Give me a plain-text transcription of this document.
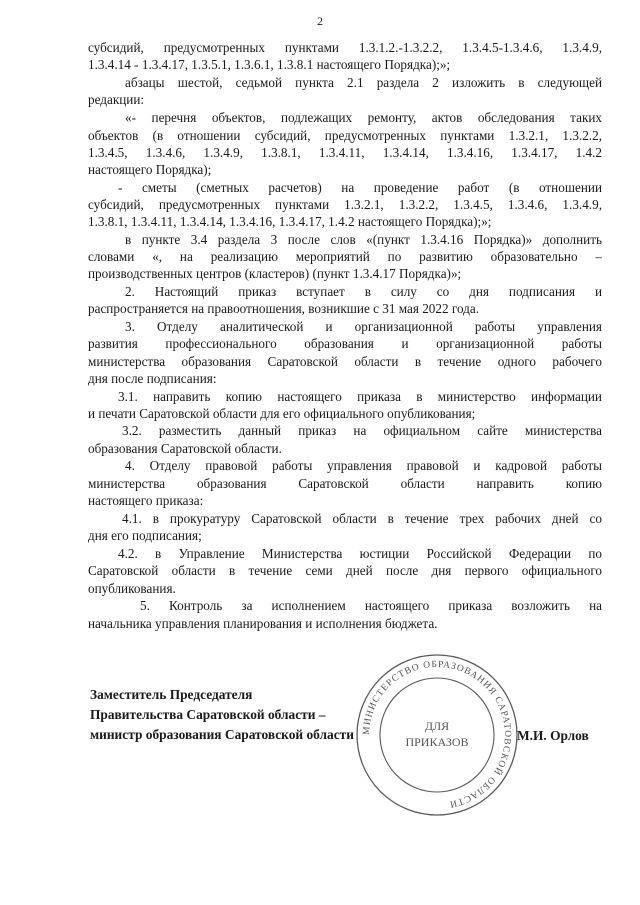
2
субсидий, предусмотренных пунктами 1.3.1.2.-1.3.2.2, 1.3.4.5-1.3.4.6, 1.3.4.9,
1.3.4.14 - 1.3.4.17, 1.3.5.1, 1.3.6.1, 1.3.8.1 настоящего Порядка);»;
абзацы шестой, седьмой пункта 2.1 раздела 2 изложить в следующей
редакции:
«- перечня объектов, подлежащих ремонту, актов обследования таких
объектов (в отношении субсидий, предусмотренных пунктами 1.3.2.1, 1.3.2.2,
1.3.4.5, 1.3.4.6, 1.3.4.9, 1.3.8.1, 1.3.4.11, 1.3.4.14, 1.3.4.16, 1.3.4.17, 1.4.2
настоящего Порядка);
- сметы (сметных расчетов) на проведение работ (в отношении
субсидий, предусмотренных пунктами 1.3.2.1, 1.3.2.2, 1.3.4.5, 1.3.4.6, 1.3.4.9,
1.3.8.1, 1.3.4.11, 1.3.4.14, 1.3.4.16, 1.3.4.17, 1.4.2 настоящего Порядка);»;
в пункте 3.4 раздела 3 после слов «(пункт 1.3.4.16 Порядка)» дополнить
словами «, на реализацию мероприятий по развитию образовательно –
производственных центров (кластеров) (пункт 1.3.4.17 Порядка)»;
2. Настоящий приказ вступает в силу со дня подписания и
распространяется на правоотношения, возникшие с 31 мая 2022 года.
3. Отделу аналитической и организационной работы управления
развития профессионального образования и организационной работы
министерства образования Саратовской области в течение одного рабочего
дня после подписания:
3.1. направить копию настоящего приказа в министерство информации
и печати Саратовской области для его официального опубликования;
3.2. разместить данный приказ на официальном сайте министерства
образования Саратовской области.
4. Отделу правовой работы управления правовой и кадровой работы
министерства образования Саратовской области направить копию
настоящего приказа:
4.1. в прокуратуру Саратовской области в течение трех рабочих дней со
дня его подписания;
4.2. в Управление Министерства юстиции Российской Федерации по
Саратовской области в течение семи дней после дня первого официального
опубликования.
5. Контроль за исполнением настоящего приказа возложить на
начальника управления планирования и исполнения бюджета.
МИНИСТЕРСТВО ОБРАЗОВАНИЯ САРАТОВСКОЙ ОБЛАСТИ
ДЛЯ
ПРИКАЗОВ
Заместитель Председателя
Правительства Саратовской области –
министр образования Саратовской области	М.И. Орлов
